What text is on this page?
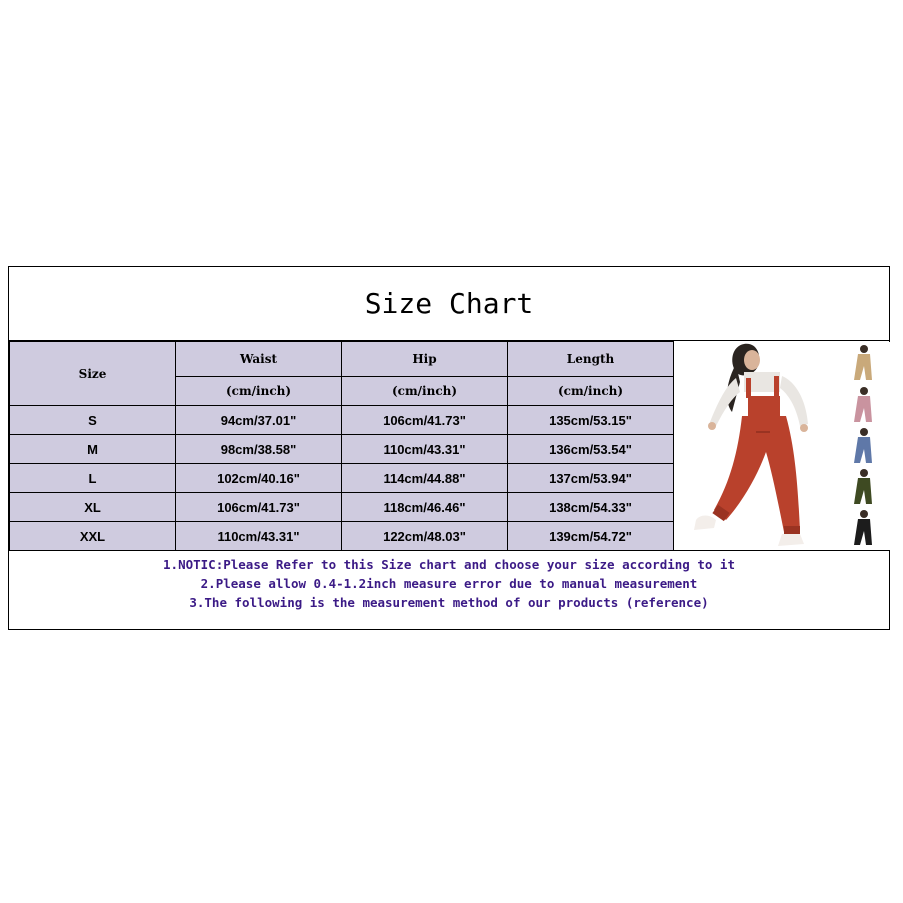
Size Chart
Size	Waist	Hip	Length
	(cm/inch)	(cm/inch)	(cm/inch)
S	94cm/37.01"	106cm/41.73"	135cm/53.15"
M	98cm/38.58"	110cm/43.31"	136cm/53.54"
L	102cm/40.16"	114cm/44.88"	137cm/53.94"
XL	106cm/41.73"	118cm/46.46"	138cm/54.33"
XXL	110cm/43.31"	122cm/48.03"	139cm/54.72"
1.NOTIC:Please Refer to this Size chart and choose your size according to it
2.Please allow 0.4-1.2inch measure error due to manual measurement
3.The following is the measurement method of our products (reference)
